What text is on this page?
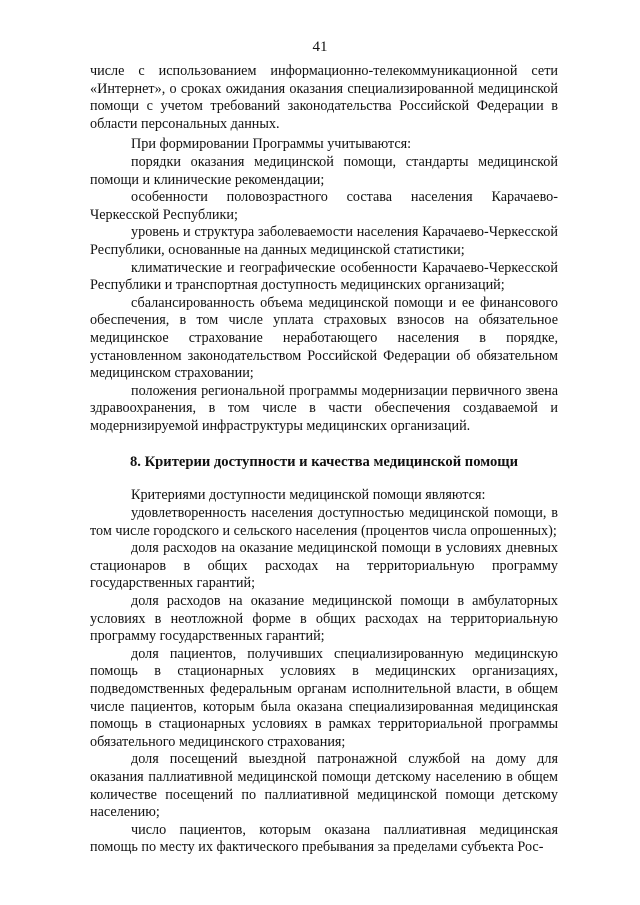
41

числе с использованием информационно-телекоммуникационной сети «Интернет», о сроках ожидания оказания специализированной медицинской помощи с учетом требований законодательства Российской Федерации в области персональных данных.

При формировании Программы учитываются:

порядки оказания медицинской помощи, стандарты медицинской помощи и клинические рекомендации;

особенности половозрастного состава населения Карачаево-Черкесской Республики;

уровень и структура заболеваемости населения Карачаево-Черкесской Республики, основанные на данных медицинской статистики;

климатические и географические особенности Карачаево-Черкесской Республики и транспортная доступность медицинских организаций;

сбалансированность объема медицинской помощи и ее финансового обеспечения, в том числе уплата страховых взносов на обязательное медицинское страхование неработающего населения в порядке, установленном законодательством Российской Федерации об обязательном медицинском страховании;

положения региональной программы модернизации первичного звена здравоохранения, в том числе в части обеспечения создаваемой и модернизируемой инфраструктуры медицинских организаций.

8. Критерии доступности и качества медицинской помощи

Критериями доступности медицинской помощи являются:

удовлетворенность населения доступностью медицинской помощи, в том числе городского и сельского населения (процентов числа опрошенных);

доля расходов на оказание медицинской помощи в условиях дневных стационаров в общих расходах на территориальную программу государственных гарантий;

доля расходов на оказание медицинской помощи в амбулаторных условиях в неотложной форме в общих расходах на территориальную программу государственных гарантий;

доля пациентов, получивших специализированную медицинскую помощь в стационарных условиях в медицинских организациях, подведомственных федеральным органам исполнительной власти, в общем числе пациентов, которым была оказана специализированная медицинская помощь в стационарных условиях в рамках территориальной программы обязательного медицинского страхования;

доля посещений выездной патронажной службой на дому для оказания паллиативной медицинской помощи детскому населению в общем количестве посещений по паллиативной медицинской помощи детскому населению;

число пациентов, которым оказана паллиативная медицинская помощь по месту их фактического пребывания за пределами субъекта Рос-
